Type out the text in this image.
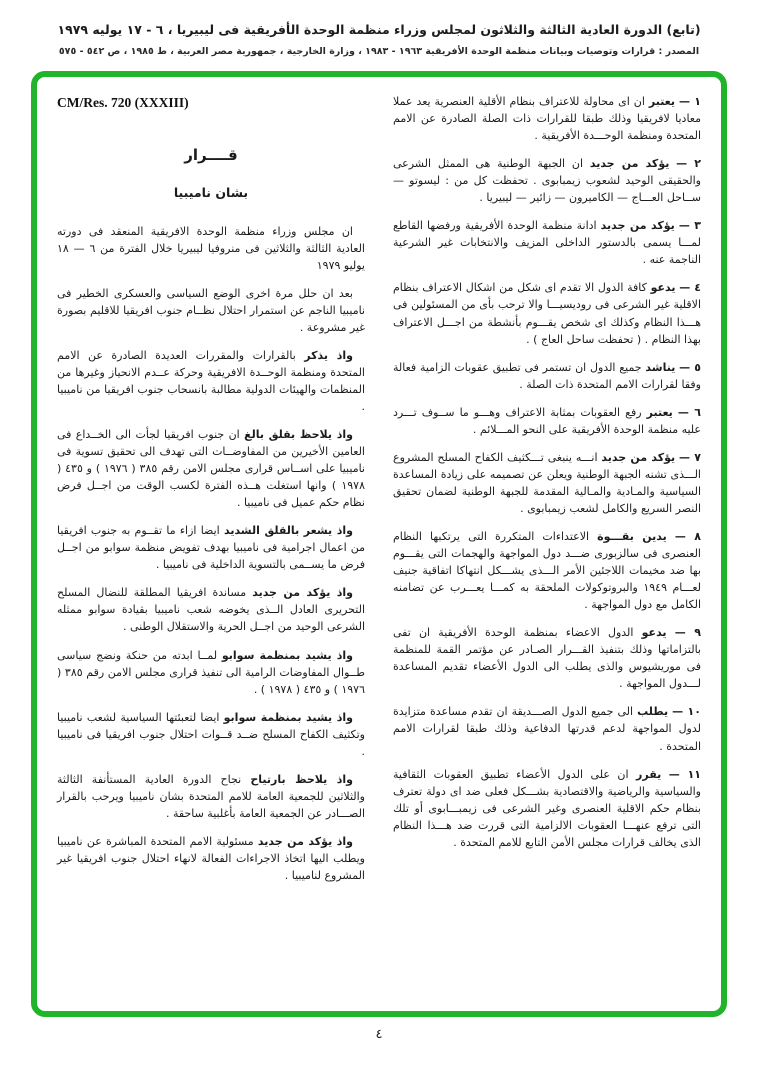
(تابع) الدورة العادية الثالثة والثلاثون لمجلس وزراء منظمة الوحدة الأفريقية فى ليبيريا ، ٦ - ١٧ يوليه ١٩٧٩
المصدر : قرارات وتوصيات وبيانات منظمة الوحدة الأفريقية ١٩٦٣ - ١٩٨٣ ، وزارة الخارجية ، جمهورية مصر العربية ، ط ١٩٨٥ ، ص ٥٤٢ - ٥٧٥

١ — يعتبر ان اى محاولة للاعتراف بنظام الأقلية العنصرية يعد عملا معاديا لافريقيا وذلك طبقا للقرارات ذات الصلة الصادرة عن الامم المتحدة ومنظمة الوحـــدة الأفريقية .

٢ — يؤكد من جديد ان الجبهة الوطنية هى الممثل الشرعى والحقيقى الوحيد لشعوب زيمبابوى . تحفظت كل من : ليسوتو — ســاحل العـــاج — الكاميرون — زائير — ليبيريا .

٣ — يؤكد من جديد ادانة منظمة الوحدة الأفريقية ورفضها القاطع لمـــا يسمى بالدستور الداخلى المزيف والانتخابات غير الشرعية الناجمة عنه .

٤ — يدعو كافة الدول الا تقدم اى شكل من اشكال الاعتراف بنظام الاقلية غير الشرعى فى روديسيـــا والا ترحب بأى من المسئولين فى هـــذا النظام وكذلك اى شخص يقـــوم بأنشطة من اجـــل الاعتراف بهذا النظام . ( تحفظت ساحل العاج ) .

٥ — يناشد جميع الدول ان تستمر فى تطبيق عقوبات الزامية فعالة وفقا لقرارات الامم المتحدة ذات الصلة .

٦ — يعتبر رفع العقوبات بمثابة الاعتراف وهـــو ما ســوف تـــرد عليه منظمة الوحدة الأفريقية على النحو المـــلائم .

٧ — يؤكد من جديد انـــه ينبغى تـــكثيف الكفاح المسلح المشروع الـــذى تشنه الجبهة الوطنية ويعلن عن تصميمه على زيادة المساعدة السياسية والمـادية والمـالية المقدمة للجبهة الوطنية لضمان تحقيق النصر السريع والكامل لشعب زيمبابوى .

٨ — يدين بقـــوة الاعتداءات المتكررة التى يرتكبها النظام العنصرى فى سالزبورى ضـــد دول المواجهة والهجمات التى يقـــوم بها ضد مخيمات اللاجئين الأمر الـــذى يشـــكل انتهاكا اتفاقية جنيف لعـــام ١٩٤٩ والبروتوكولات الملحقة به كمـــا يعـــرب عن تضامنه الكامل مع دول المواجهة .

٩ — يدعو الدول الاعضاء بمنظمة الوحدة الأفريقية ان تفى بالتزاماتها وذلك بتنفيذ القـــرار الصـادر عن مؤتمر القمة للمنظمة فى موريشيوس والذى يطلب الى الدول الأعضاء تقديم المساعدة لـــدول المواجهة .

١٠ — يطلب الى جميع الدول الصـــديقة ان تقدم مساعدة متزايدة لدول المواجهة لدعم قدرتها الدفاعية وذلك طبقا لقرارات الامم المتحدة .

١١ — يقرر ان على الدول الأعضاء تطبيق العقوبات الثقافية والسياسية والرياضية والاقتصادية بشـــكل فعلى ضد اى دولة تعترف بنظام حكم الاقلية العنصرى وغير الشرعى فى زيمبـــابوى أو تلك التى ترفع عنهـــا العقوبات الالزامية التى قررت ضد هـــذا النظام الذى يخالف قرارات مجلس الأمن التابع للامم المتحدة .

CM/Res. 720 (XXXIII)
قــــرار
بشان ناميبيا

ان مجلس وزراء منظمة الوحدة الافريقية المنعقد فى دورته العادية الثالثة والثلاثين فى منروفيا ليبيريا خلال الفترة من ٦ — ١٨ يوليو ١٩٧٩

بعد ان حلل مرة اخرى الوضع السياسى والعسكرى الخطير فى ناميبيا الناجم عن استمرار احتلال نظــام جنوب افريقيا للاقليم بصورة غير مشروعة .

واذ يذكر بالقرارات والمقررات العديدة الصادرة عن الامم المتحدة ومنظمة الوحــدة الافريقية وحركة عــدم الانحياز وغيرها من المنظمات والهيئات الدولية مطالبة بانسحاب جنوب افريقيا من ناميبيا .

واذ يلاحظ بقلق بالغ ان جنوب افريقيا لجأت الى الخــداع فى العامين الأخيرين من المفاوضــات التى تهدف الى تحقيق تسوية فى ناميبيا على اســاس قرارى مجلس الامن رقم ٣٨٥ ( ١٩٧٦ ) و ٤٣٥ ( ١٩٧٨ ) وانها استغلت هــذه الفترة لكسب الوقت من اجــل فرض نظام حكم عميل فى ناميبيا .

واذ يشعر بالقلق الشديد ايضا ازاء ما تقــوم به جنوب افريقيا من اعمال اجرامية فى ناميبيا بهدف تفويض منظمة سوابو من اجــل فرض ما يســمى بالتسوية الداخلية فى ناميبيا .

واذ يؤكد من جديد مساندة افريقيا المطلقة للنضال المسلح التحريرى العادل الــذى يخوضه شعب ناميبيا بقيادة سوابو ممثله الشرعى الوحيد من اجــل الحرية والاستقلال الوطنى .

واذ يشيد بمنظمة سوابو لمــا ابدته من حنكة ونضج سياسى طــوال المفاوضات الرامية الى تنفيذ قرارى مجلس الامن رقم ٣٨٥ ( ١٩٧٦ ) و ٤٣٥ ( ١٩٧٨ ) .

واذ يشيد بمنظمة سوابو ايضا لتعبئتها السياسية لشعب ناميبيا وتكثيف الكفاح المسلح ضــد قــوات احتلال جنوب افريقيا فى ناميبيا .

واذ يلاحظ بارتياح نجاح الدورة العادية المستأنفة الثالثة والثلاثين للجمعية العامة للامم المتحدة بشان ناميبيا ويرحب بالقرار الصـــادر عن الجمعية العامة بأغلبية ساحقة .

واذ يؤكد من جديد مسئولية الامم المتحدة المباشرة عن ناميبيا ويطلب اليها اتخاذ الاجراءات الفعالة لانهاء احتلال جنوب افريقيا غير المشروع لناميبيا .

٤
